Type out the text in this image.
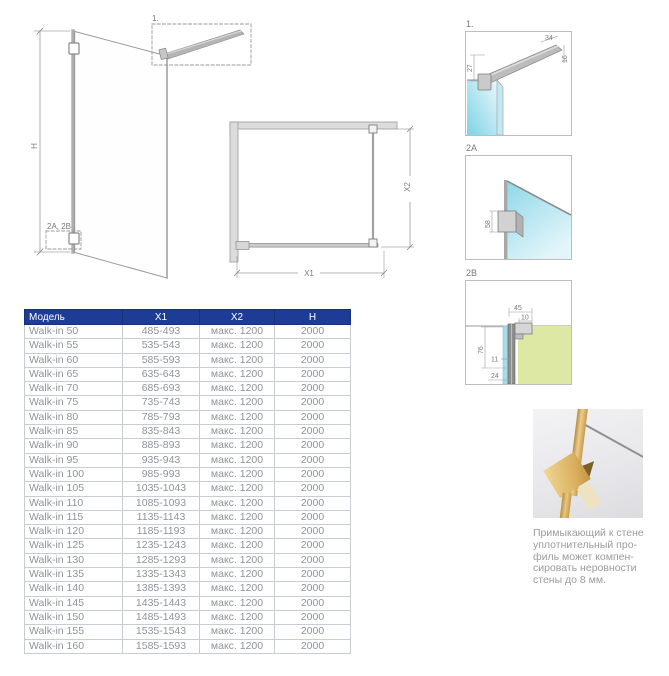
H
1.
2A, 2B
X2
X1
1.
27
34
16
2A
58
2B
45
10
76
11
24
Модель	X1	X2	H
Walk-in 50	485-493	макс. 1200	2000
Walk-in 55	535-543	макс. 1200	2000
Walk-in 60	585-593	макс. 1200	2000
Walk-in 65	635-643	макс. 1200	2000
Walk-in 70	685-693	макс. 1200	2000
Walk-in 75	735-743	макс. 1200	2000
Walk-in 80	785-793	макс. 1200	2000
Walk-in 85	835-843	макс. 1200	2000
Walk-in 90	885-893	макс. 1200	2000
Walk-in 95	935-943	макс. 1200	2000
Walk-in 100	985-993	макс. 1200	2000
Walk-in 105	1035-1043	макс. 1200	2000
Walk-in 110	1085-1093	макс. 1200	2000
Walk-in 115	1135-1143	макс. 1200	2000
Walk-in 120	1185-1193	макс. 1200	2000
Walk-in 125	1235-1243	макс. 1200	2000
Walk-in 130	1285-1293	макс. 1200	2000
Walk-in 135	1335-1343	макс. 1200	2000
Walk-in 140	1385-1393	макс. 1200	2000
Walk-in 145	1435-1443	макс. 1200	2000
Walk-in 150	1485-1493	макс. 1200	2000
Walk-in 155	1535-1543	макс. 1200	2000
Walk-in 160	1585-1593	макс. 1200	2000
Примыкающий к стене
уплотнительный про-
филь может компен-
сировать неровности
стены до 8 мм.
